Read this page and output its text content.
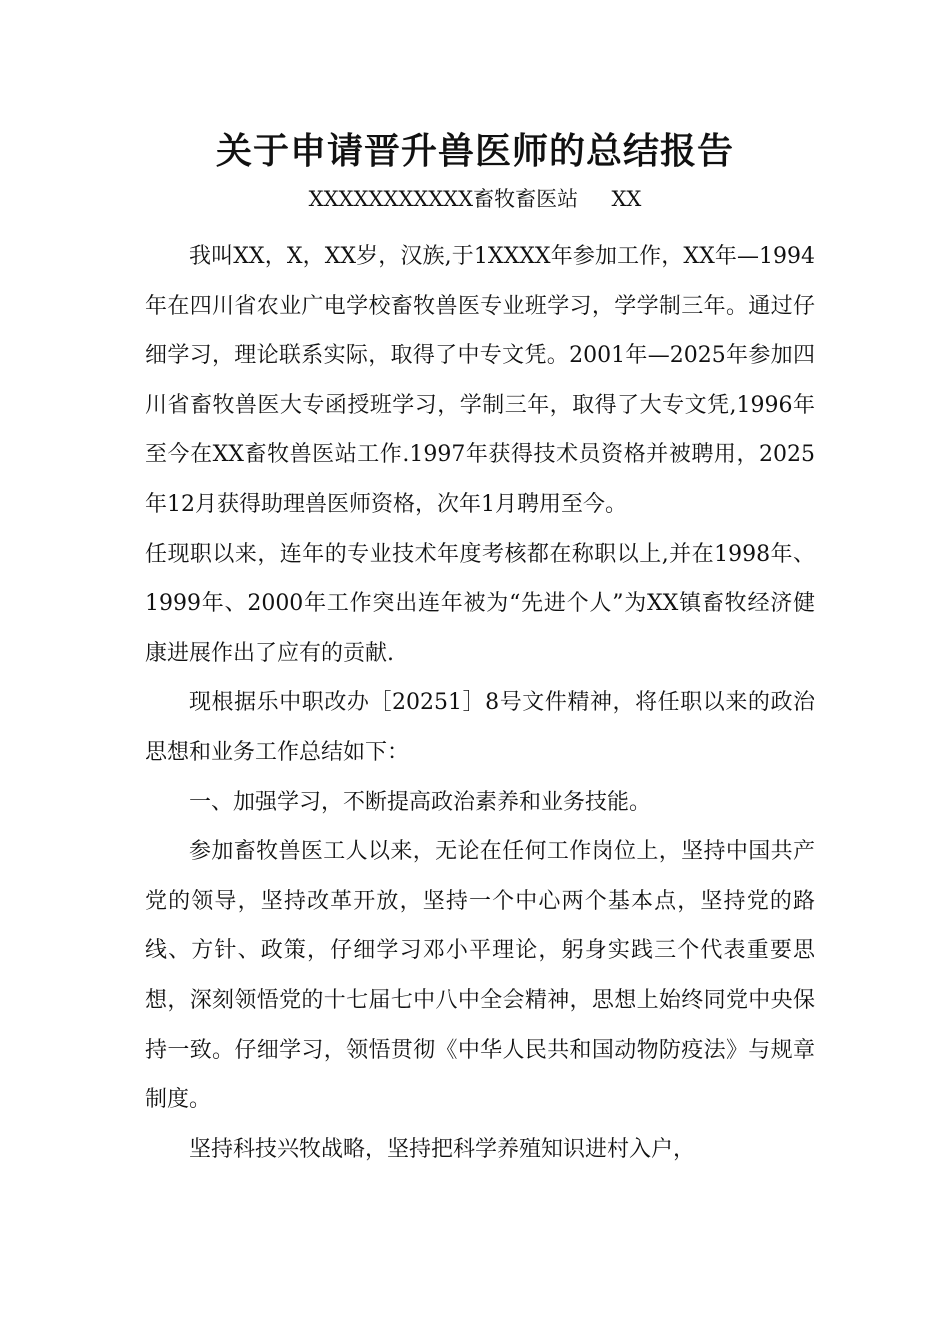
关于申请晋升兽医师的总结报告
XXXXXXXXXXX畜牧畜医站     XX

我叫XX，X，XX岁，汉族,于1XXXX年参加工作，XX年—1994年在四川省农业广电学校畜牧兽医专业班学习，学学制三年。通过仔细学习，理论联系实际，取得了中专文凭。2001年—2025年参加四川省畜牧兽医大专函授班学习，学制三年，取得了大专文凭,1996年至今在XX畜牧兽医站工作.1997年获得技术员资格并被聘用，2025年12月获得助理兽医师资格，次年1月聘用至今。

任现职以来，连年的专业技术年度考核都在称职以上,并在1998年、1999年、2000年工作突出连年被为“先进个人”为XX镇畜牧经济健康进展作出了应有的贡献.

现根据乐中职改办［20251］8号文件精神，将任职以来的政治思想和业务工作总结如下：

一、加强学习，不断提高政治素养和业务技能。

参加畜牧兽医工人以来，无论在任何工作岗位上，坚持中国共产党的领导，坚持改革开放，坚持一个中心两个基本点，坚持党的路线、方针、政策，仔细学习邓小平理论，躬身实践三个代表重要思想，深刻领悟党的十七届七中八中全会精神，思想上始终同党中央保持一致。仔细学习，领悟贯彻《中华人民共和国动物防疫法》与规章制度。

坚持科技兴牧战略，坚持把科学养殖知识进村入户，
